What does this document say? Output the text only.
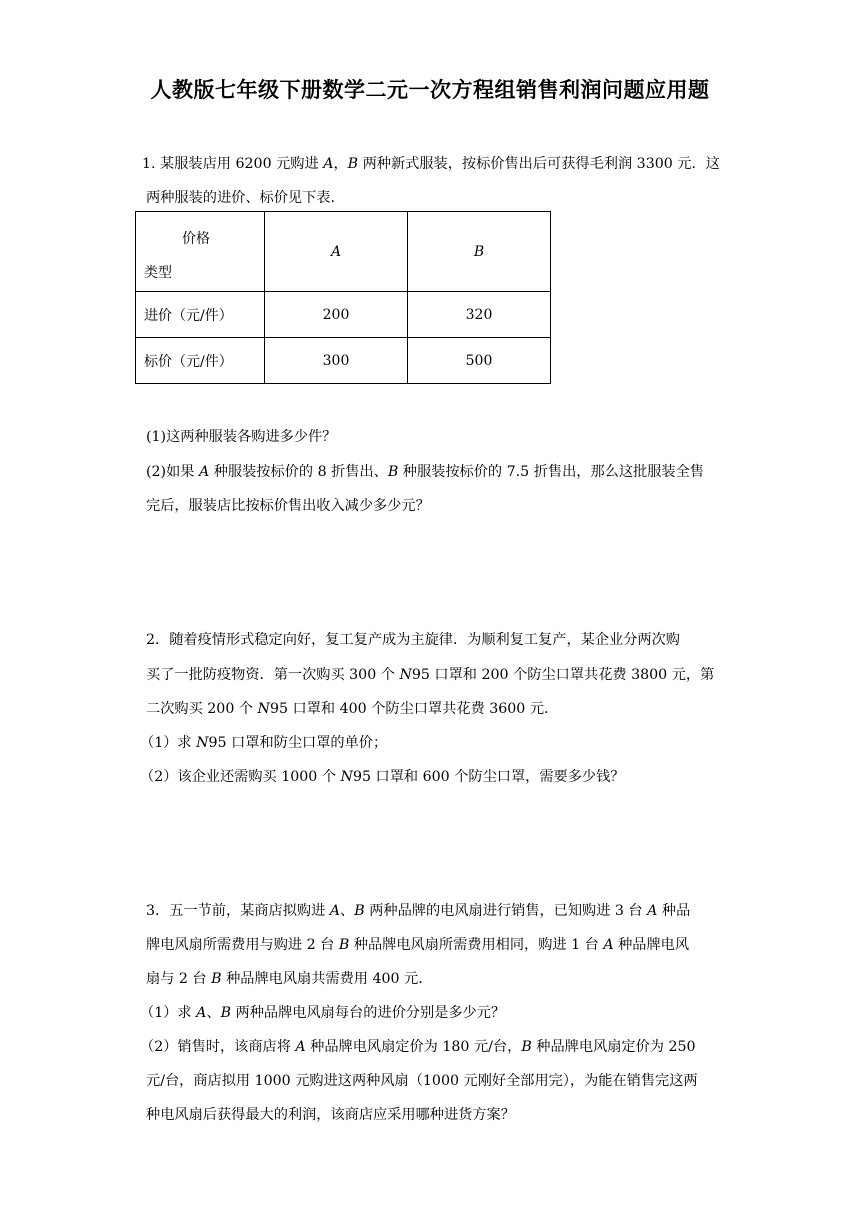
人教版七年级下册数学二元一次方程组销售利润问题应用题
1. 某服装店用 6200 元购进 A，B 两种新式服装，按标价售出后可获得毛利润 3300 元．这
两种服装的进价、标价见下表．
价格
类型	A	B
进价（元/件）	200	320
标价（元/件）	300	500
(1)这两种服装各购进多少件？
(2)如果 A 种服装按标价的 8 折售出、B 种服装按标价的 7.5 折售出，那么这批服装全售
完后，服装店比按标价售出收入减少多少元？
2．随着疫情形式稳定向好，复工复产成为主旋律．为顺利复工复产，某企业分两次购
买了一批防疫物资．第一次购买 300 个 N95 口罩和 200 个防尘口罩共花费 3800 元，第
二次购买 200 个 N95 口罩和 400 个防尘口罩共花费 3600 元．
（1）求 N95 口罩和防尘口罩的单价；
（2）该企业还需购买 1000 个 N95 口罩和 600 个防尘口罩，需要多少钱？
3．五一节前，某商店拟购进 A、B 两种品牌的电风扇进行销售，已知购进 3 台 A 种品
牌电风扇所需费用与购进 2 台 B 种品牌电风扇所需费用相同，购进 1 台 A 种品牌电风
扇与 2 台 B 种品牌电风扇共需费用 400 元．
（1）求 A、B 两种品牌电风扇每台的进价分别是多少元？
（2）销售时，该商店将 A 种品牌电风扇定价为 180 元/台，B 种品牌电风扇定价为 250
元/台，商店拟用 1000 元购进这两种风扇（1000 元刚好全部用完），为能在销售完这两
种电风扇后获得最大的利润，该商店应采用哪种进货方案？
